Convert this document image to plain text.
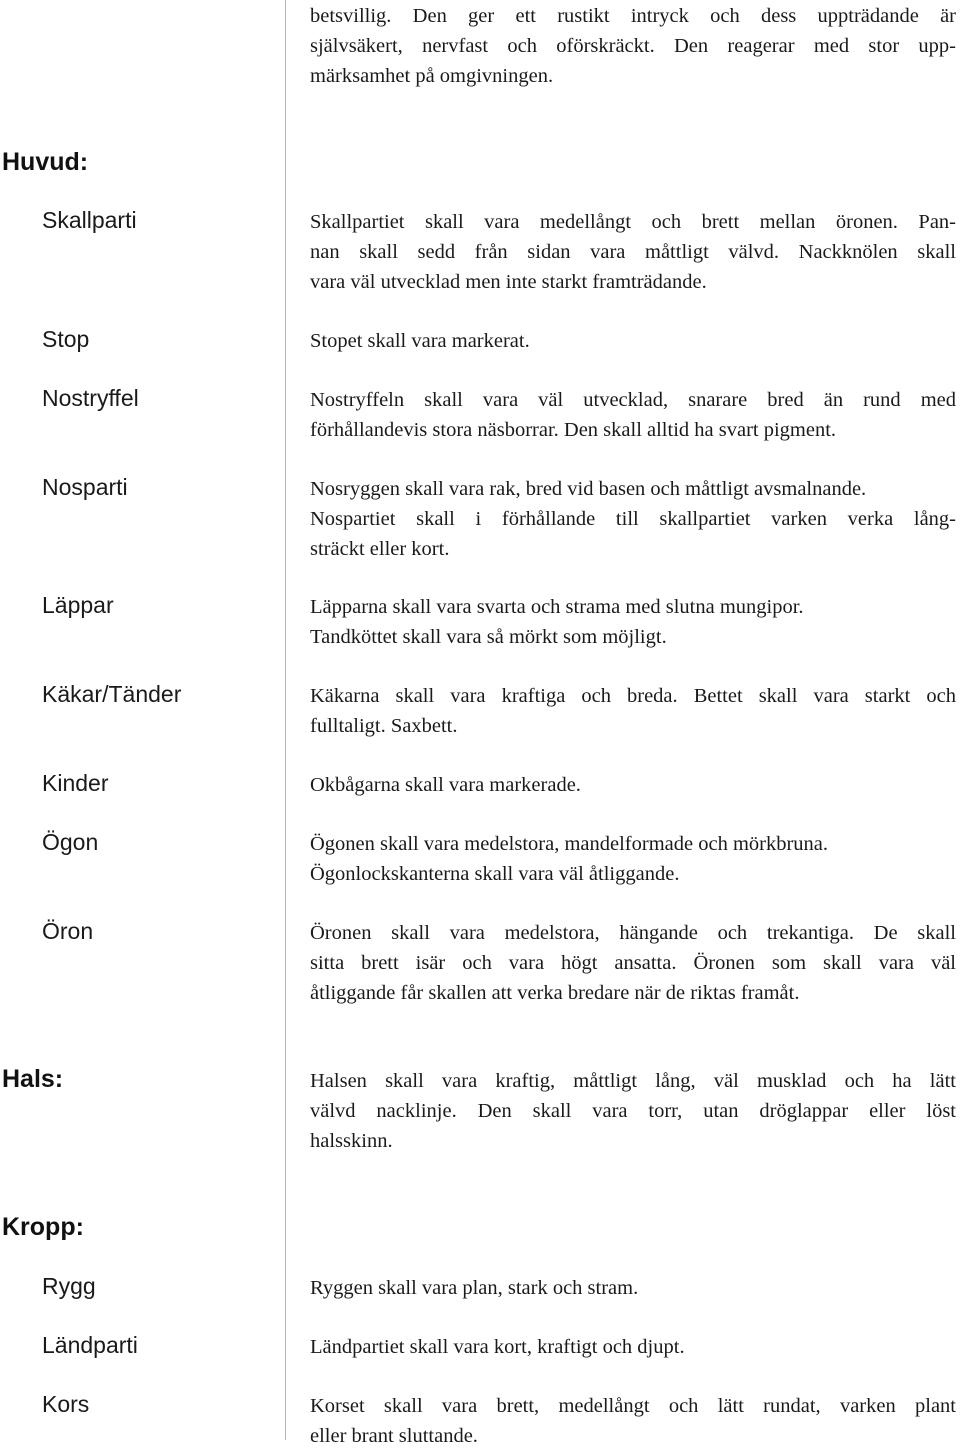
betsvillig. Den ger ett rustikt intryck och dess uppträdande är
självsäkert, nervfast och oförskräckt. Den reagerar med stor upp-
märksamhet på omgivningen.
Huvud:
Skallparti	Skallpartiet skall vara medellångt och brett mellan öronen. Pan-
nan skall sedd från sidan vara måttligt välvd. Nackknölen skall
vara väl utvecklad men inte starkt framträdande.
Stop	Stopet skall vara markerat.
Nostryffel	Nostryffeln skall vara väl utvecklad, snarare bred än rund med
förhållandevis stora näsborrar. Den skall alltid ha svart pigment.
Nosparti	Nosryggen skall vara rak, bred vid basen och måttligt avsmalnande.
Nospartiet skall i förhållande till skallpartiet varken verka lång-
sträckt eller kort.
Läppar	Läpparna skall vara svarta och strama med slutna mungipor.
Tandköttet skall vara så mörkt som möjligt.
Käkar/Tänder	Käkarna skall vara kraftiga och breda. Bettet skall vara starkt och
fulltaligt. Saxbett.
Kinder	Okbågarna skall vara markerade.
Ögon	Ögonen skall vara medelstora, mandelformade och mörkbruna.
Ögonlockskanterna skall vara väl åtliggande.
Öron	Öronen skall vara medelstora, hängande och trekantiga. De skall
sitta brett isär och vara högt ansatta. Öronen som skall vara väl
åtliggande får skallen att verka bredare när de riktas framåt.
Hals:	Halsen skall vara kraftig, måttligt lång, väl musklad och ha lätt
välvd nacklinje. Den skall vara torr, utan dröglappar eller löst
halsskinn.
Kropp:
Rygg	Ryggen skall vara plan, stark och stram.
Ländparti	Ländpartiet skall vara kort, kraftigt och djupt.
Kors	Korset skall vara brett, medellångt och lätt rundat, varken plant
eller brant sluttande.
